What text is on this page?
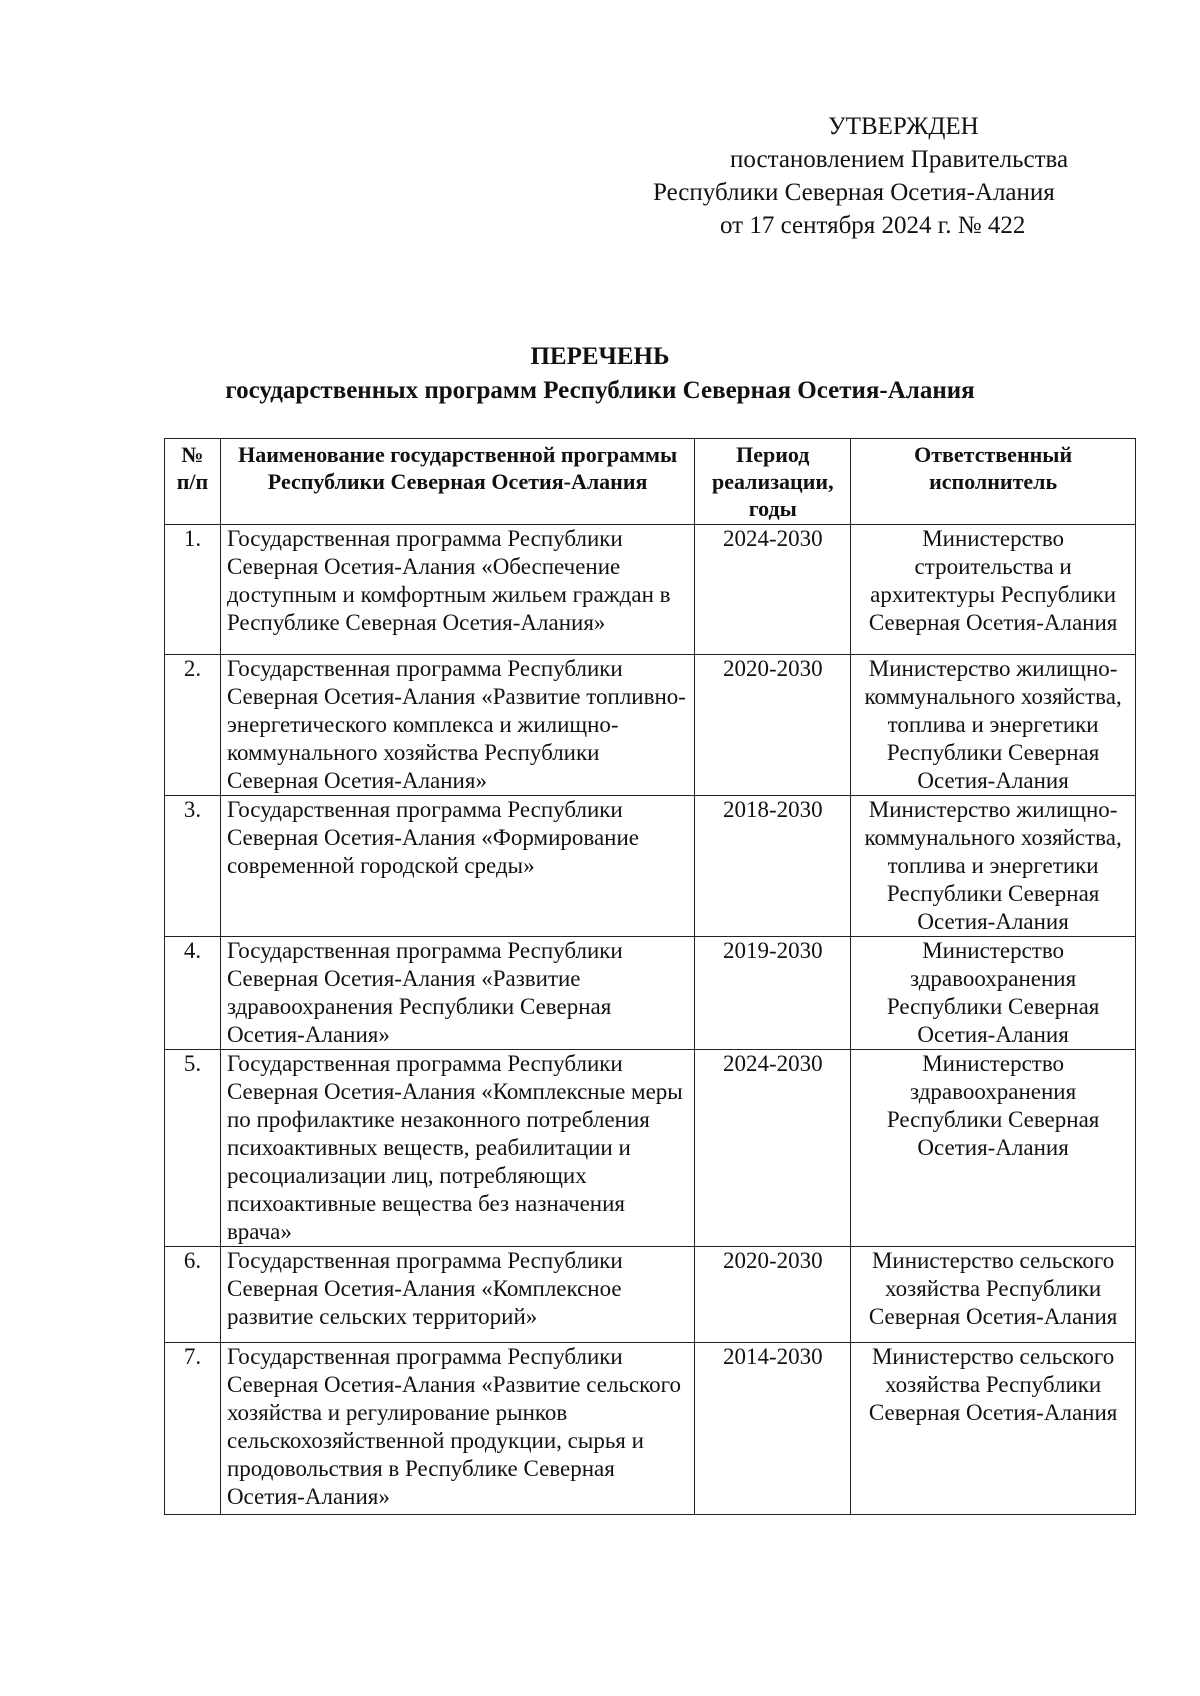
УТВЕРЖДЕН
постановлением Правительства
Республики Северная Осетия-Алания
от 17 сентября 2024 г. № 422
ПЕРЕЧЕНЬ
государственных программ Республики Северная Осетия-Алания
№ п/п	Наименование государственной программы Республики Северная Осетия-Алания	Период реализации, годы	Ответственный исполнитель
1.	Государственная программа Республики Северная Осетия-Алания «Обеспечение доступным и комфортным жильем граждан в Республике Северная Осетия-Алания»	2024-2030	Министерство строительства и архитектуры Республики Северная Осетия-Алания
2.	Государственная программа Республики Северная Осетия-Алания «Развитие топливно-энергетического комплекса и жилищно-коммунального хозяйства Республики Северная Осетия-Алания»	2020-2030	Министерство жилищно-коммунального хозяйства, топлива и энергетики Республики Северная Осетия-Алания
3.	Государственная программа Республики Северная Осетия-Алания «Формирование современной городской среды»	2018-2030	Министерство жилищно-коммунального хозяйства, топлива и энергетики Республики Северная Осетия-Алания
4.	Государственная программа Республики Северная Осетия-Алания «Развитие здравоохранения Республики Северная Осетия-Алания»	2019-2030	Министерство здравоохранения Республики Северная Осетия-Алания
5.	Государственная программа Республики Северная Осетия-Алания «Комплексные меры по профилактике незаконного потребления психоактивных веществ, реабилитации и ресоциализации лиц, потребляющих психоактивные вещества без назначения врача»	2024-2030	Министерство здравоохранения Республики Северная Осетия-Алания
6.	Государственная программа Республики Северная Осетия-Алания «Комплексное развитие сельских территорий»	2020-2030	Министерство сельского хозяйства Республики Северная Осетия-Алания
7.	Государственная программа Республики Северная Осетия-Алания «Развитие сельского хозяйства и регулирование рынков сельскохозяйственной продукции, сырья и продовольствия в Республике Северная Осетия-Алания»	2014-2030	Министерство сельского хозяйства Республики Северная Осетия-Алания
